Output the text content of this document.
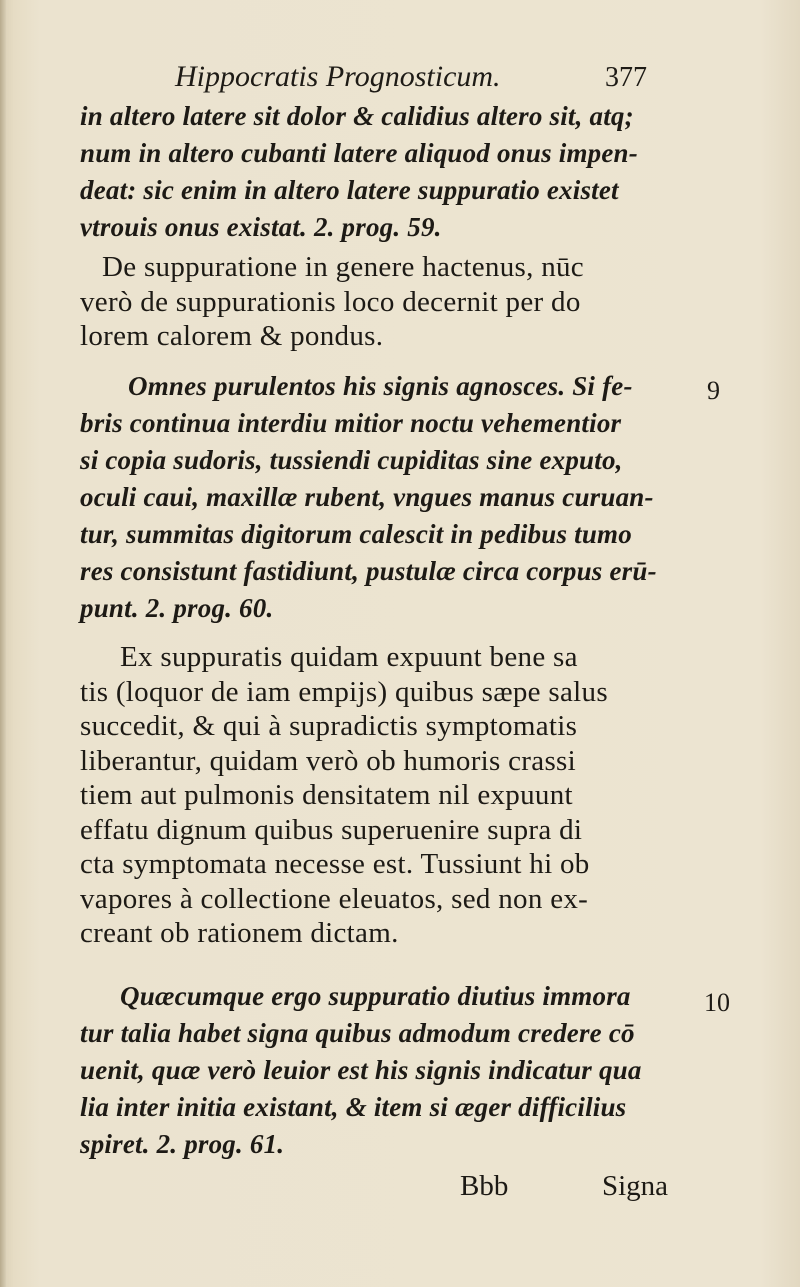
Hippocratis Prognosticum.	377
in altero latere sit dolor & calidius altero sit, atq;
num in altero cubanti latere aliquod onus impen-
deat: sic enim in altero latere suppuratio existet
vtrouis onus existat. 2. prog. 59.
De suppuratione in genere hactenus, nūc
verò de suppurationis loco decernit per do
lorem calorem & pondus.
Omnes purulentos his signis agnosces. Si fe-
bris continua interdiu mitior noctu vehementior
si copia sudoris, tussiendi cupiditas sine exputo,
oculi caui, maxillæ rubent, vngues manus curuan-
tur, summitas digitorum calescit in pedibus tumo
res consistunt fastidiunt, pustulæ circa corpus erū-
punt. 2. prog. 60.
Ex suppuratis quidam expuunt bene sa
tis (loquor de iam empijs) quibus sæpe salus
succedit, & qui à supradictis symptomatis
liberantur, quidam verò ob humoris crassi
tiem aut pulmonis densitatem nil expuunt
effatu dignum quibus superuenire supra di
cta symptomata necesse est. Tussiunt hi ob
vapores à collectione eleuatos, sed non ex-
creant ob rationem dictam.
Quæcumque ergo suppuratio diutius immora
tur talia habet signa quibus admodum credere cō
uenit, quæ verò leuior est his signis indicatur qua
lia inter initia existant, & item si æger difficilius
spiret. 2. prog. 61.
9
10
Bbb	Signa
